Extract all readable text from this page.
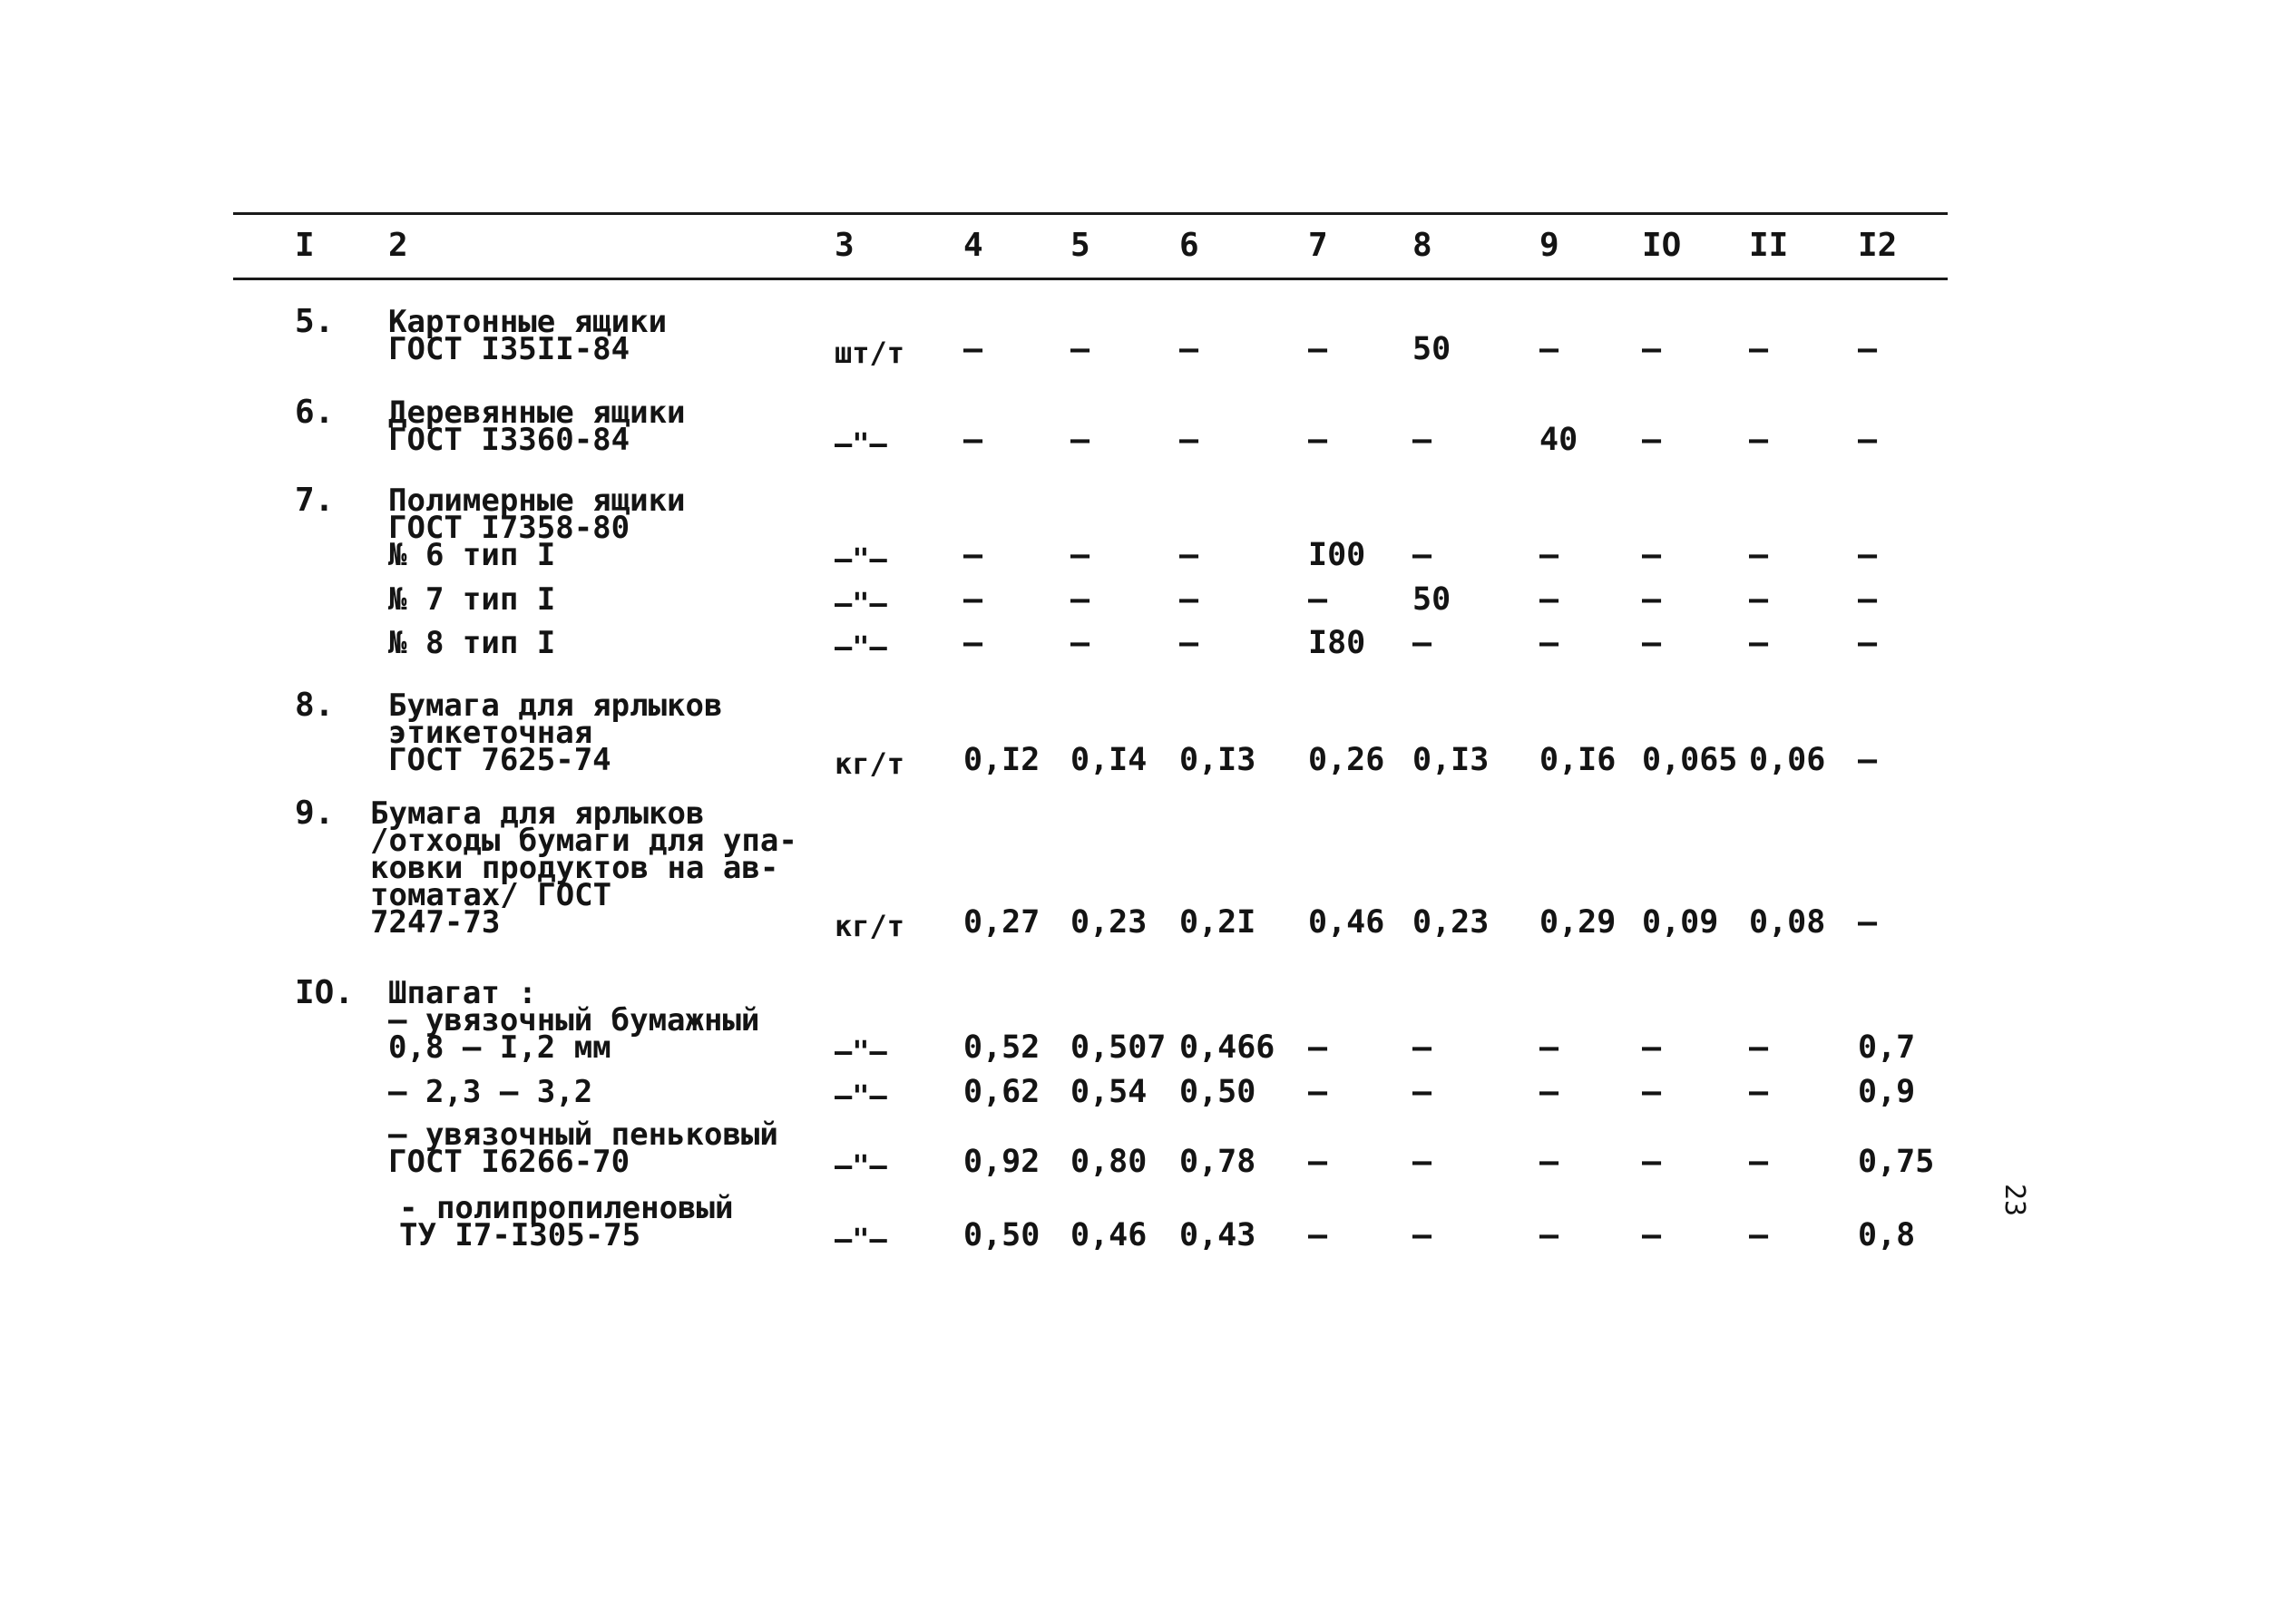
I 2	3	4	5	6	7	8	9	IO II I2
5. Картонные ящики
ГОСТ I35II-84	шт/т –	–	–	–	50	–	–	–	–
6. Деревянные ящики
ГОСТ I3360-84	–"– –	–	–	–	–	40 –	–	–
7. Полимерные ящики
ГОСТ I7358-80
№ 6 тип I	–"– –	–	–	I00 –	–	–	–	–
№ 7 тип I	–"– –	–	–	–	50	–	–	–	–
№ 8 тип I	–"– –	–	–	I80 –	–	–	–	–
8. Бумага для ярлыков
этикеточная
ГОСТ 7625-74	кг/т 0,I2 0,I4 0,I3 0,26 0,I3 0,I6 0,065 0,06 –
9. Бумага для ярлыков
/отходы бумаги для упа-
ковки продуктов на ав-
томатах/ ГОСТ
7247-73	кг/т 0,27 0,23 0,2I 0,46 0,23 0,29 0,09 0,08 –
IO. Шпагат :
– увязочный бумажный
0,8 – I,2 мм	–"– 0,52 0,507 0,466 –	–	–	–	–	0,7
– 2,3 – 3,2	–"– 0,62 0,54 0,50 –	–	–	–	–	0,9
– увязочный пеньковый
ГОСТ I6266-70	–"– 0,92 0,80 0,78 –	–	–	–	–	0,75
- полипропиленовый
ТУ I7-I305-75	–"– 0,50 0,46 0,43 –	–	–	–	–	0,8
23
